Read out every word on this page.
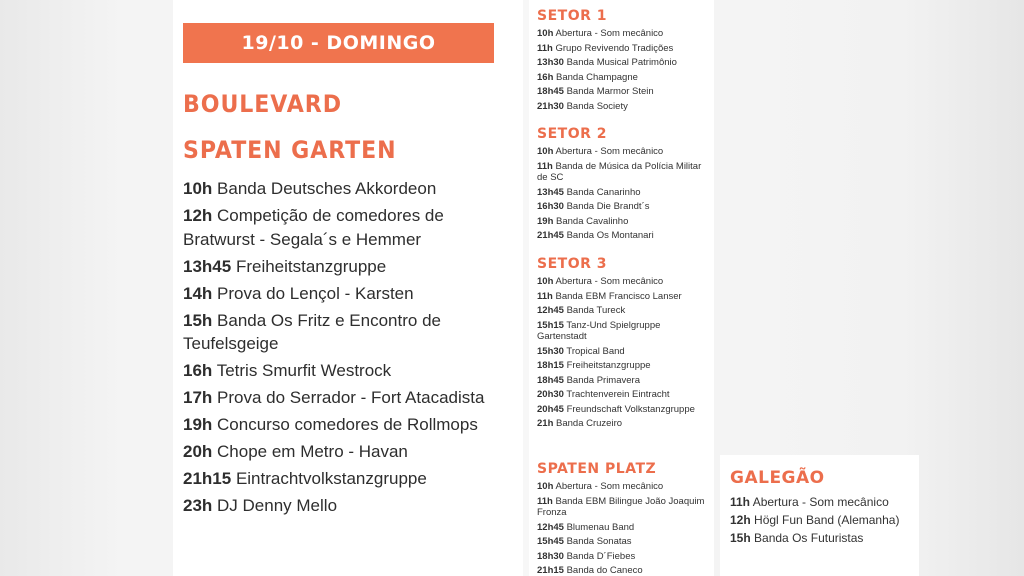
19/10 - DOMINGO
BOULEVARD
SPATEN GARTEN
10h Banda Deutsches Akkordeon
12h Competição de comedores de Bratwurst - Segala´s e Hemmer
13h45 Freiheitstanzgruppe
14h Prova do Lençol - Karsten
15h Banda Os Fritz e Encontro de Teufelsgeige
16h Tetris Smurfit Westrock
17h Prova do Serrador - Fort Atacadista
19h Concurso comedores de Rollmops
20h Chope em Metro - Havan
21h15 Eintrachtvolkstanzgruppe
23h DJ Denny Mello
SETOR 1
10h Abertura - Som mecânico
11h Grupo Revivendo Tradições
13h30 Banda Musical Patrimônio
16h Banda Champagne
18h45 Banda Marmor Stein
21h30 Banda Society
SETOR 2
10h Abertura - Som mecânico
11h Banda de Música da Polícia Militar de SC
13h45 Banda Canarinho
16h30 Banda Die Brandt´s
19h Banda Cavalinho
21h45 Banda Os Montanari
SETOR 3
10h Abertura - Som mecânico
11h Banda EBM Francisco Lanser
12h45 Banda Tureck
15h15 Tanz-Und Spielgruppe Gartenstadt
15h30 Tropical Band
18h15 Freiheitstanzgruppe
18h45 Banda Primavera
20h30 Trachtenverein Eintracht
20h45 Freundschaft Volkstanzgruppe
21h Banda Cruzeiro
SPATEN PLATZ
10h Abertura - Som mecânico
11h Banda EBM Bilingue João Joaquim Fronza
12h45 Blumenau Band
15h45 Banda Sonatas
18h30 Banda D´Fiebes
21h15 Banda do Caneco
GALEGÃO
11h Abertura - Som mecânico
12h Högl Fun Band (Alemanha)
15h Banda Os Futuristas
